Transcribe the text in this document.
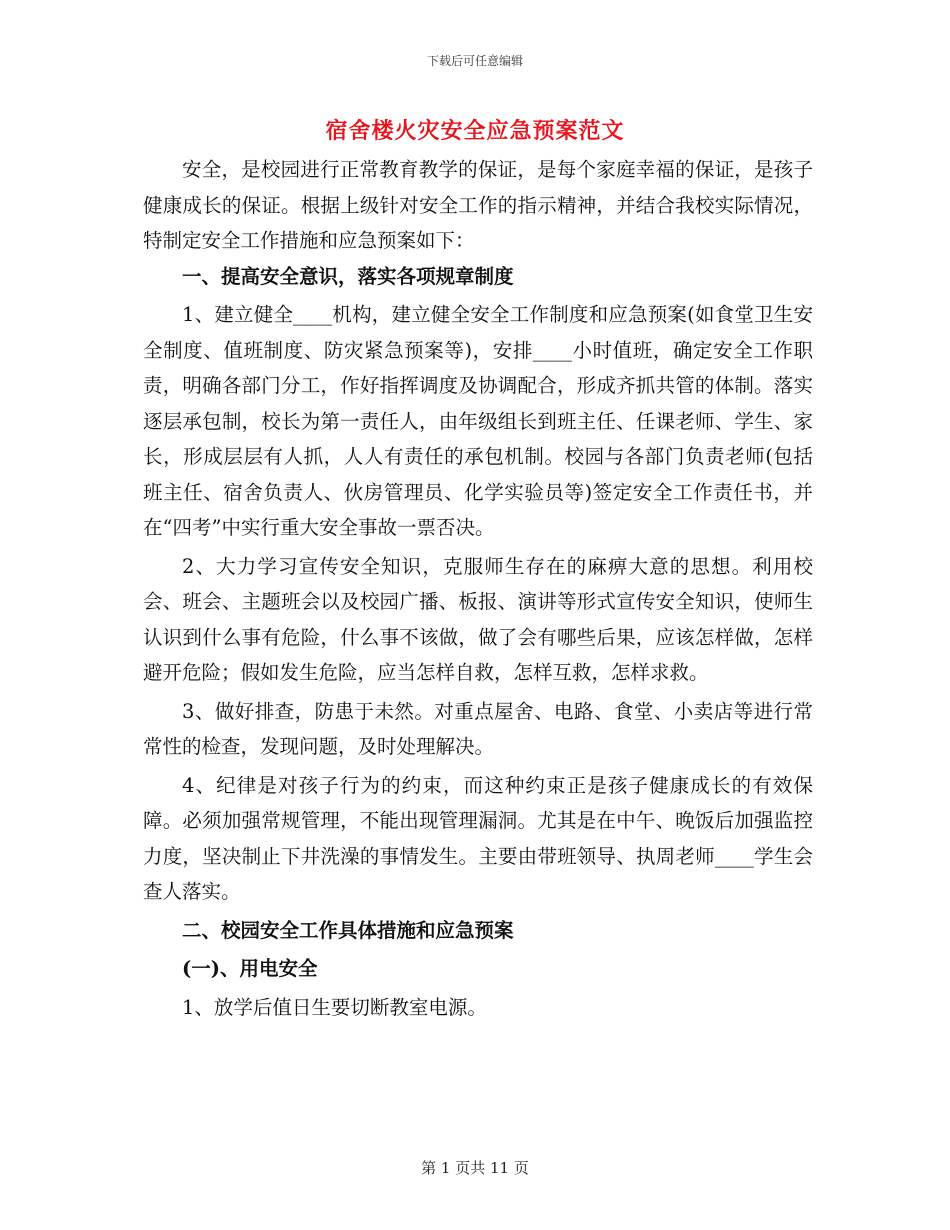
下载后可任意编辑
宿舍楼火灾安全应急预案范文

安全，是校园进行正常教育教学的保证，是每个家庭幸福的保证，是孩子健康成长的保证。根据上级针对安全工作的指示精神，并结合我校实际情况，特制定安全工作措施和应急预案如下：

一、提高安全意识，落实各项规章制度

1、建立健全____机构，建立健全安全工作制度和应急预案(如食堂卫生安全制度、值班制度、防灾紧急预案等)，安排____小时值班，确定安全工作职责，明确各部门分工，作好指挥调度及协调配合，形成齐抓共管的体制。落实逐层承包制，校长为第一责任人，由年级组长到班主任、任课老师、学生、家长，形成层层有人抓，人人有责任的承包机制。校园与各部门负责老师(包括班主任、宿舍负责人、伙房管理员、化学实验员等)签定安全工作责任书，并在“四考”中实行重大安全事故一票否决。

2、大力学习宣传安全知识，克服师生存在的麻痹大意的思想。利用校会、班会、主题班会以及校园广播、板报、演讲等形式宣传安全知识，使师生认识到什么事有危险，什么事不该做，做了会有哪些后果，应该怎样做，怎样避开危险；假如发生危险，应当怎样自救，怎样互救，怎样求救。

3、做好排查，防患于未然。对重点屋舍、电路、食堂、小卖店等进行常常性的检查，发现问题，及时处理解决。

4、纪律是对孩子行为的约束，而这种约束正是孩子健康成长的有效保障。必须加强常规管理，不能出现管理漏洞。尤其是在中午、晚饭后加强监控力度，坚决制止下井洗澡的事情发生。主要由带班领导、执周老师____学生会查人落实。

二、校园安全工作具体措施和应急预案

(一)、用电安全

1、放学后值日生要切断教室电源。

第 1 页共 11 页
